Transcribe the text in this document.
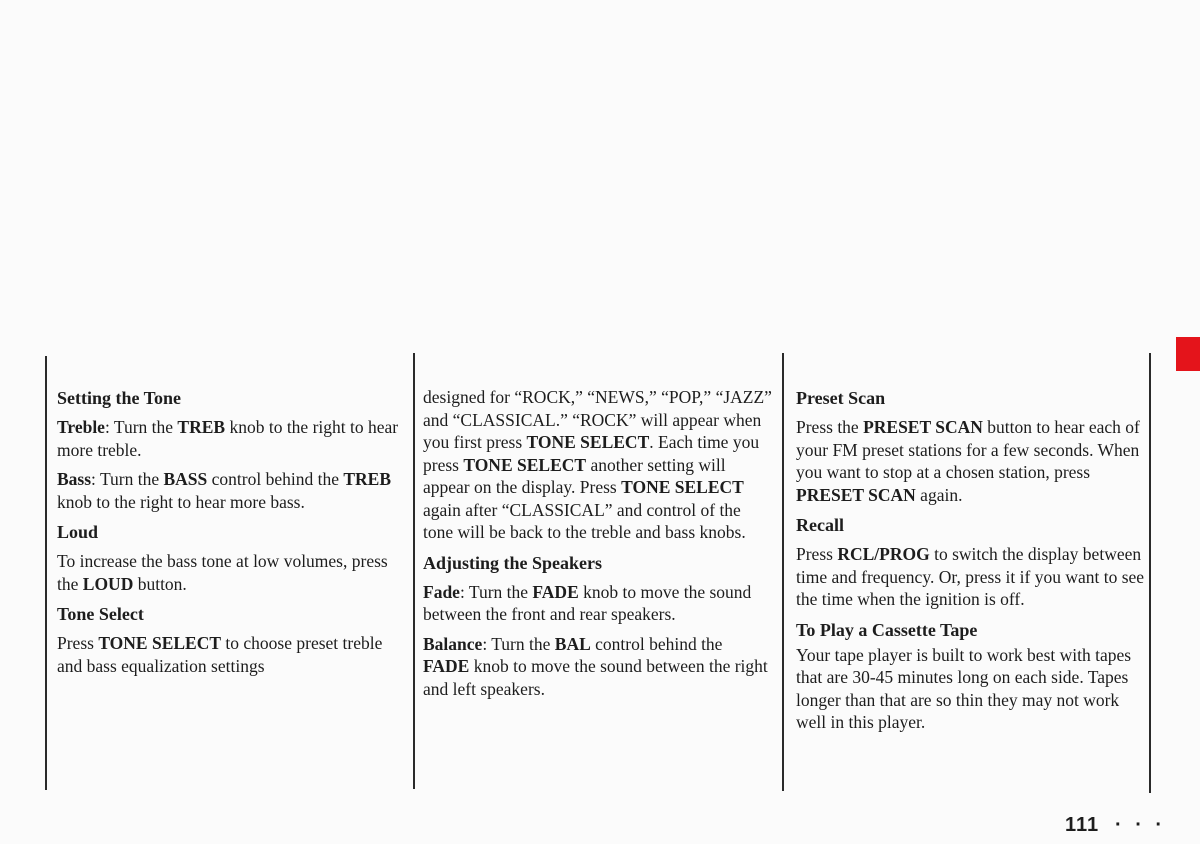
Setting the Tone

Treble: Turn the TREB knob to the right to hear more treble.

Bass: Turn the BASS control behind the TREB knob to the right to hear more bass.

Loud

To increase the bass tone at low volumes, press the LOUD button.

Tone Select

Press TONE SELECT to choose preset treble and bass equalization settings

designed for “ROCK,” “NEWS,” “POP,” “JAZZ” and “CLASSICAL.” “ROCK” will appear when you first press TONE SELECT. Each time you press TONE SELECT another setting will appear on the display. Press TONE SELECT again after “CLASSICAL” and control of the tone will be back to the treble and bass knobs.

Adjusting the Speakers

Fade: Turn the FADE knob to move the sound between the front and rear speakers.

Balance: Turn the BAL control behind the FADE knob to move the sound between the right and left speakers.

Preset Scan

Press the PRESET SCAN button to hear each of your FM preset stations for a few seconds. When you want to stop at a chosen station, press PRESET SCAN again.

Recall

Press RCL/PROG to switch the display between time and frequency. Or, press it if you want to see the time when the ignition is off.

To Play a Cassette Tape

Your tape player is built to work best with tapes that are 30-45 minutes long on each side. Tapes longer than that are so thin they may not work well in this player.

111 · · ·
